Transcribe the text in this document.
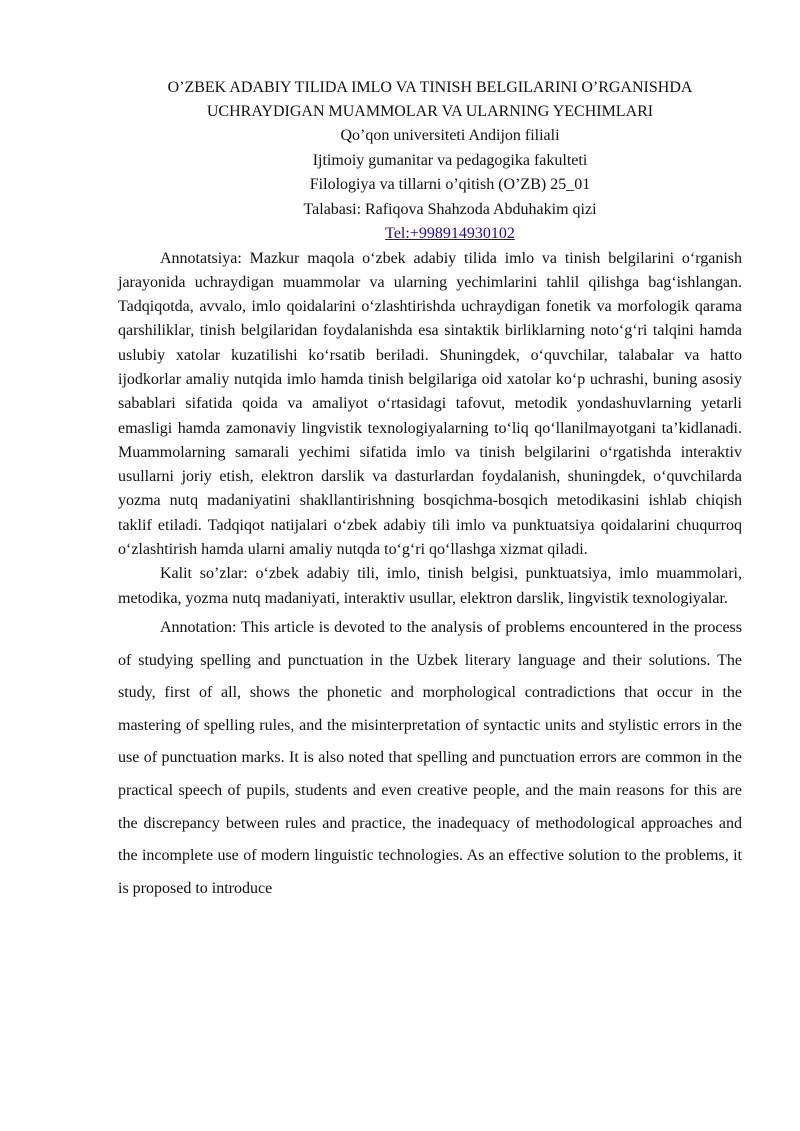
O’ZBEK ADABIY TILIDA IMLO VA TINISH BELGILARINI O’RGANISHDA
UCHRAYDIGAN MUAMMOLAR VA ULARNING YECHIMLARI

Qo’qon universiteti Andijon filiali

Ijtimoiy gumanitar va pedagogika fakulteti

Filologiya va tillarni o’qitish (O’ZB) 25_01

Talabasi: Rafiqova Shahzoda Abduhakim qizi

Tel:+998914930102

Annotatsiya: Mazkur maqola oʻzbek adabiy tilida imlo va tinish belgilarini oʻrganish jarayonida uchraydigan muammolar va ularning yechimlarini tahlil qilishga bagʻishlangan. Tadqiqotda, avvalo, imlo qoidalarini oʻzlashtirishda uchraydigan fonetik va morfologik qarama qarshiliklar, tinish belgilaridan foydalanishda esa sintaktik birliklarning notoʻgʻri talqini hamda uslubiy xatolar kuzatilishi koʻrsatib beriladi. Shuningdek, oʻquvchilar, talabalar va hatto ijodkorlar amaliy nutqida imlo hamda tinish belgilariga oid xatolar koʻp uchrashi, buning asosiy sabablari sifatida qoida va amaliyot oʻrtasidagi tafovut, metodik yondashuvlarning yetarli emasligi hamda zamonaviy lingvistik texnologiyalarning toʻliq qoʻllanilmayotgani taʼkidlanadi. Muammolarning samarali yechimi sifatida imlo va tinish belgilarini oʻrgatishda interaktiv usullarni joriy etish, elektron darslik va dasturlardan foydalanish, shuningdek, oʻquvchilarda yozma nutq madaniyatini shakllantirishning bosqichma-bosqich metodikasini ishlab chiqish taklif etiladi. Tadqiqot natijalari oʻzbek adabiy tili imlo va punktuatsiya qoidalarini chuqurroq oʻzlashtirish hamda ularni amaliy nutqda toʻgʻri qoʻllashga xizmat qiladi.

Kalit so’zlar: oʻzbek adabiy tili, imlo, tinish belgisi, punktuatsiya, imlo muammolari, metodika, yozma nutq madaniyati, interaktiv usullar, elektron darslik, lingvistik texnologiyalar.

Annotation: This article is devoted to the analysis of problems encountered in the process of studying spelling and punctuation in the Uzbek literary language and their solutions. The study, first of all, shows the phonetic and morphological contradictions that occur in the mastering of spelling rules, and the misinterpretation of syntactic units and stylistic errors in the use of punctuation marks. It is also noted that spelling and punctuation errors are common in the practical speech of pupils, students and even creative people, and the main reasons for this are the discrepancy between rules and practice, the inadequacy of methodological approaches and the incomplete use of modern linguistic technologies. As an effective solution to the problems, it is proposed to introduce
